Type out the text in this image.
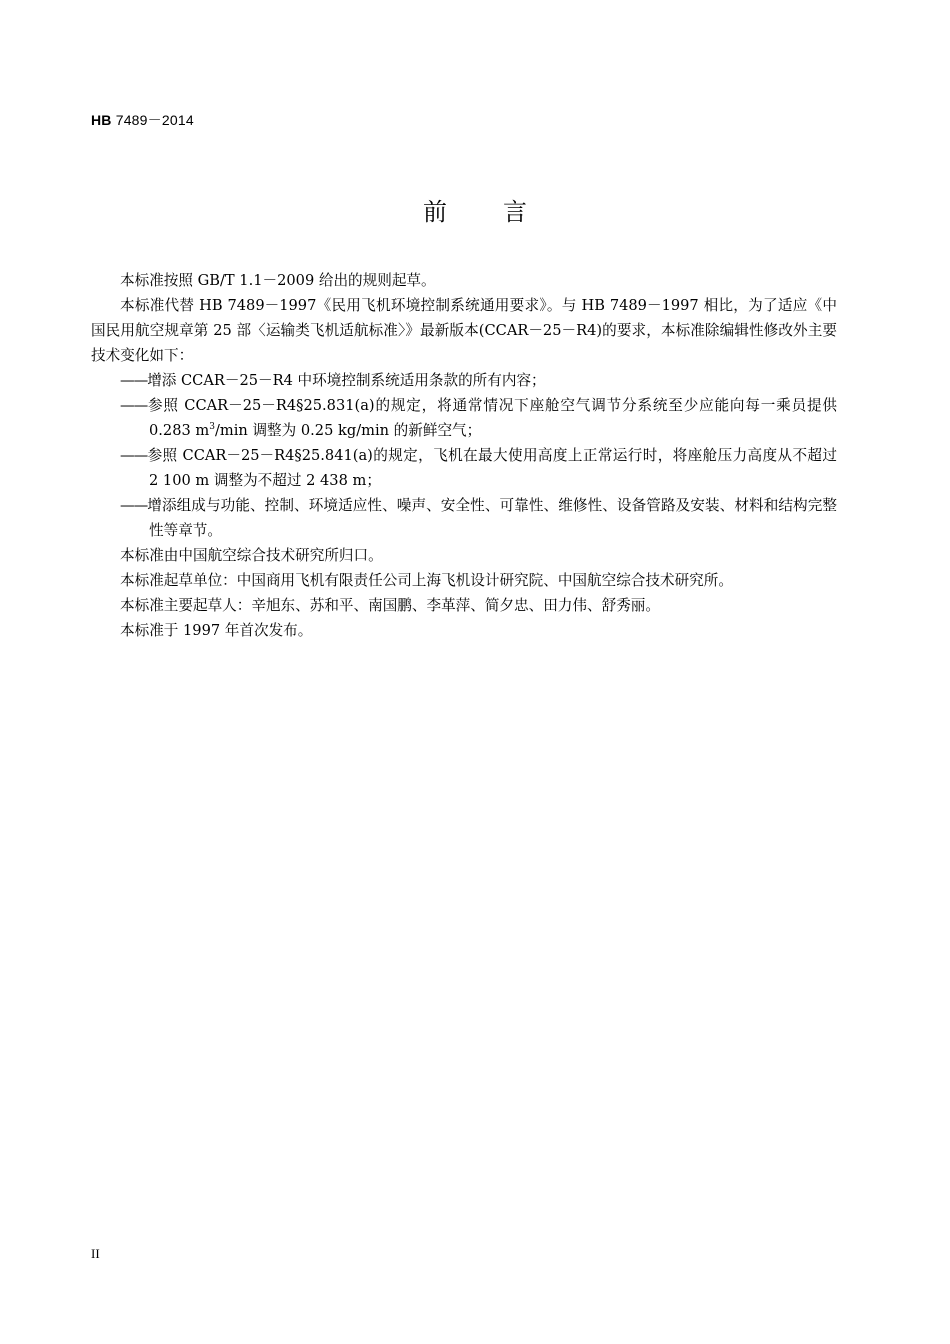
HB 7489－2014
前言

本标准按照 GB/T 1.1－2009 给出的规则起草。

本标准代替 HB 7489－1997《民用飞机环境控制系统通用要求》。与 HB 7489－1997 相比，为了适应《中国民用航空规章第 25 部〈运输类飞机适航标准〉》最新版本(CCAR－25－R4)的要求，本标准除编辑性修改外主要技术变化如下：

——增添 CCAR－25－R4 中环境控制系统适用条款的所有内容；

——参照 CCAR－25－R4§25.831(a)的规定，将通常情况下座舱空气调节分系统至少应能向每一乘员提供 0.283 $m^3/\min$ 调整为 0.25 kg/min 的新鲜空气；

——参照 CCAR－25－R4§25.841(a)的规定，飞机在最大使用高度上正常运行时，将座舱压力高度从不超过 2 100 m 调整为不超过 2 438 m；

——增添组成与功能、控制、环境适应性、噪声、安全性、可靠性、维修性、设备管路及安装、材料和结构完整性等章节。

本标准由中国航空综合技术研究所归口。

本标准起草单位：中国商用飞机有限责任公司上海飞机设计研究院、中国航空综合技术研究所。

本标准主要起草人：辛旭东、苏和平、南国鹏、李革萍、简夕忠、田力伟、舒秀丽。

本标准于 1997 年首次发布。

II
